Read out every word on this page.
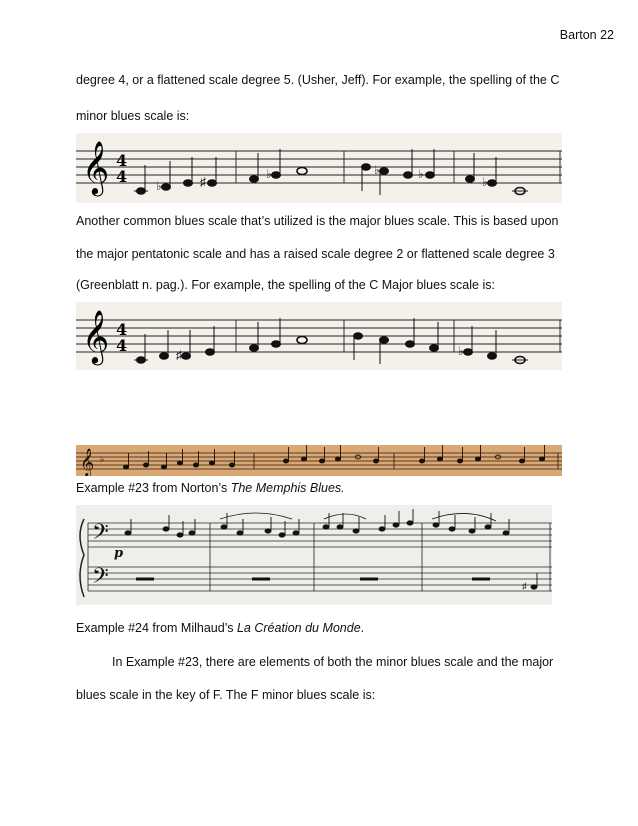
Barton 22
degree 4, or a flattened scale degree 5. (Usher, Jeff). For example, the spelling of the C
minor blues scale is:
𝄞 4
4 ♭	♯
♭	♭	♭
♭
Another common blues scale that’s utilized is the major blues scale. This is based upon
the major pentatonic scale and has a raised scale degree 2 or flattened scale degree 3
(Greenblatt n. pag.). For example, the spelling of the C Major blues scale is:
𝄞 4
4	♯	♭
𝄞 ♭
Example #23 from Norton’s The Memphis Blues.
𝄢
𝄢
p
♯
Example #24 from Milhaud’s La Création du Monde.
In Example #23, there are elements of both the minor blues scale and the major
blues scale in the key of F. The F minor blues scale is:
